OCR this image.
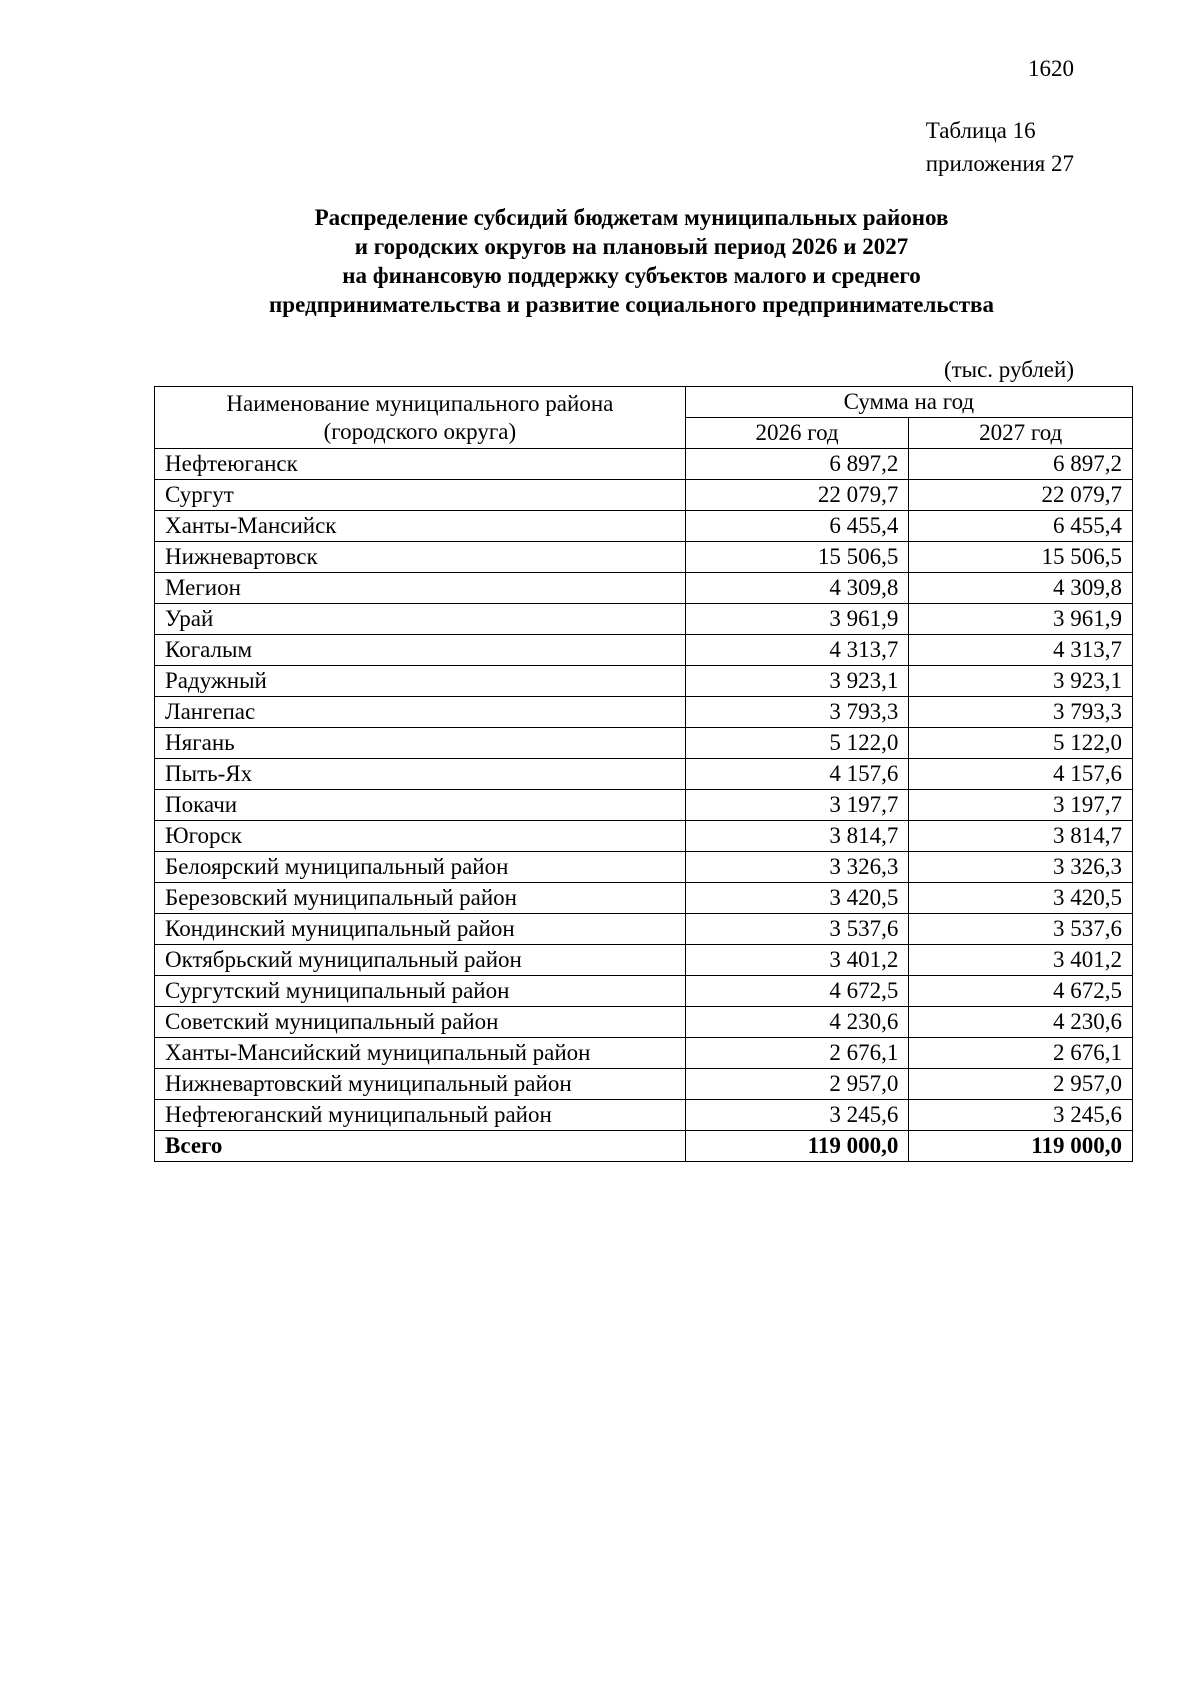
1620
Таблица 16
приложения 27
Распределение субсидий бюджетам муниципальных районов
и городских округов на плановый период 2026 и 2027
на финансовую поддержку субъектов малого и среднего
предпринимательства и развитие социального предпринимательства
(тыс. рублей)
Наименование муниципального района
(городского округа)	Сумма на год	
	2026 год	2027 год
Нефтеюганск	6 897,2	6 897,2
Сургут	22 079,7	22 079,7
Ханты-Мансийск	6 455,4	6 455,4
Нижневартовск	15 506,5	15 506,5
Мегион	4 309,8	4 309,8
Урай	3 961,9	3 961,9
Когалым	4 313,7	4 313,7
Радужный	3 923,1	3 923,1
Лангепас	3 793,3	3 793,3
Нягань	5 122,0	5 122,0
Пыть-Ях	4 157,6	4 157,6
Покачи	3 197,7	3 197,7
Югорск	3 814,7	3 814,7
Белоярский муниципальный район	3 326,3	3 326,3
Березовский муниципальный район	3 420,5	3 420,5
Кондинский муниципальный район	3 537,6	3 537,6
Октябрьский муниципальный район	3 401,2	3 401,2
Сургутский муниципальный район	4 672,5	4 672,5
Советский муниципальный район	4 230,6	4 230,6
Ханты-Мансийский муниципальный район	2 676,1	2 676,1
Нижневартовский муниципальный район	2 957,0	2 957,0
Нефтеюганский муниципальный район	3 245,6	3 245,6
Всего	119 000,0	119 000,0
